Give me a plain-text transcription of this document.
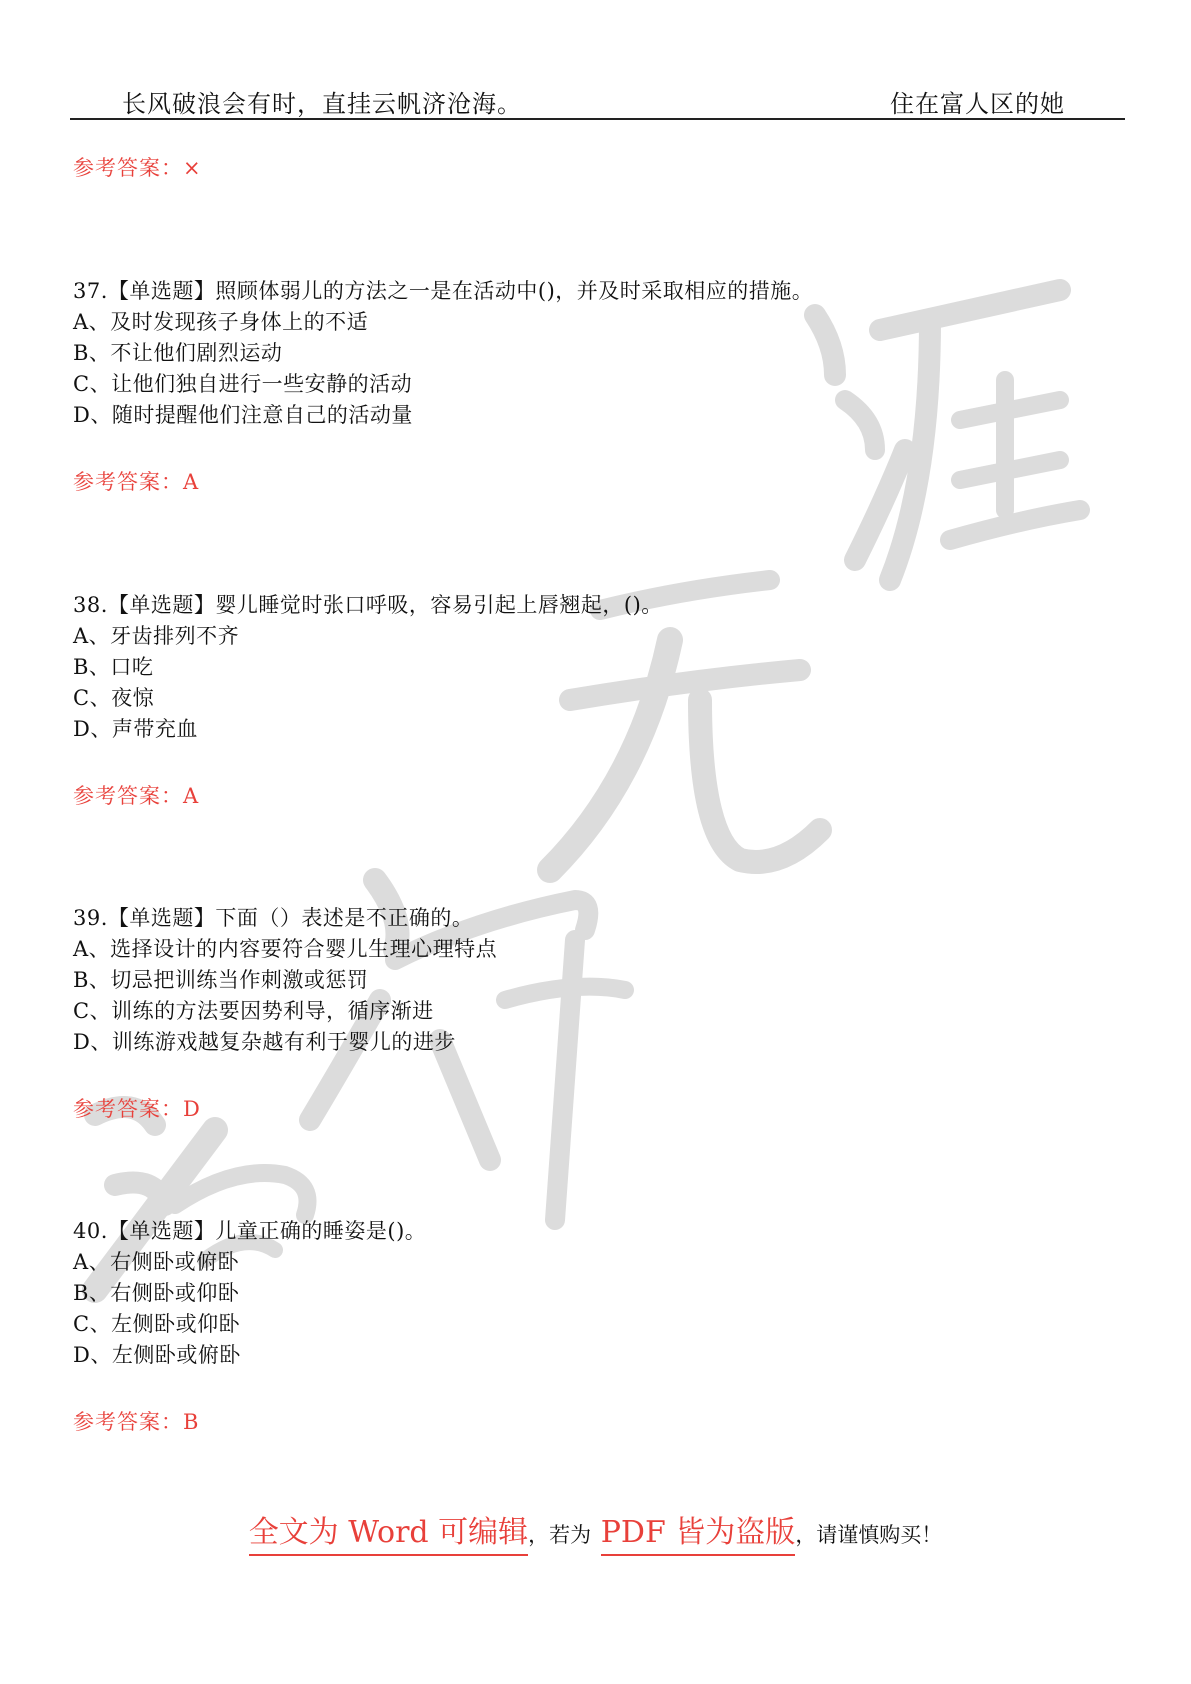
长风破浪会有时，直挂云帆济沧海。	住在富人区的她
参考答案：×
37.【单选题】照顾体弱儿的方法之一是在活动中()，并及时采取相应的措施。
A、及时发现孩子身体上的不适
B、不让他们剧烈运动
C、让他们独自进行一些安静的活动
D、随时提醒他们注意自己的活动量
参考答案：A
38.【单选题】婴儿睡觉时张口呼吸，容易引起上唇翘起，()。
A、牙齿排列不齐
B、口吃
C、夜惊
D、声带充血
参考答案：A
39.【单选题】下面（）表述是不正确的。
A、选择设计的内容要符合婴儿生理心理特点
B、切忌把训练当作刺激或惩罚
C、训练的方法要因势利导，循序渐进
D、训练游戏越复杂越有利于婴儿的进步
参考答案：D
40.【单选题】儿童正确的睡姿是()。
A、右侧卧或俯卧
B、右侧卧或仰卧
C、左侧卧或仰卧
D、左侧卧或俯卧
参考答案：B
全文为 Word 可编辑，若为 PDF 皆为盗版，请谨慎购买！
